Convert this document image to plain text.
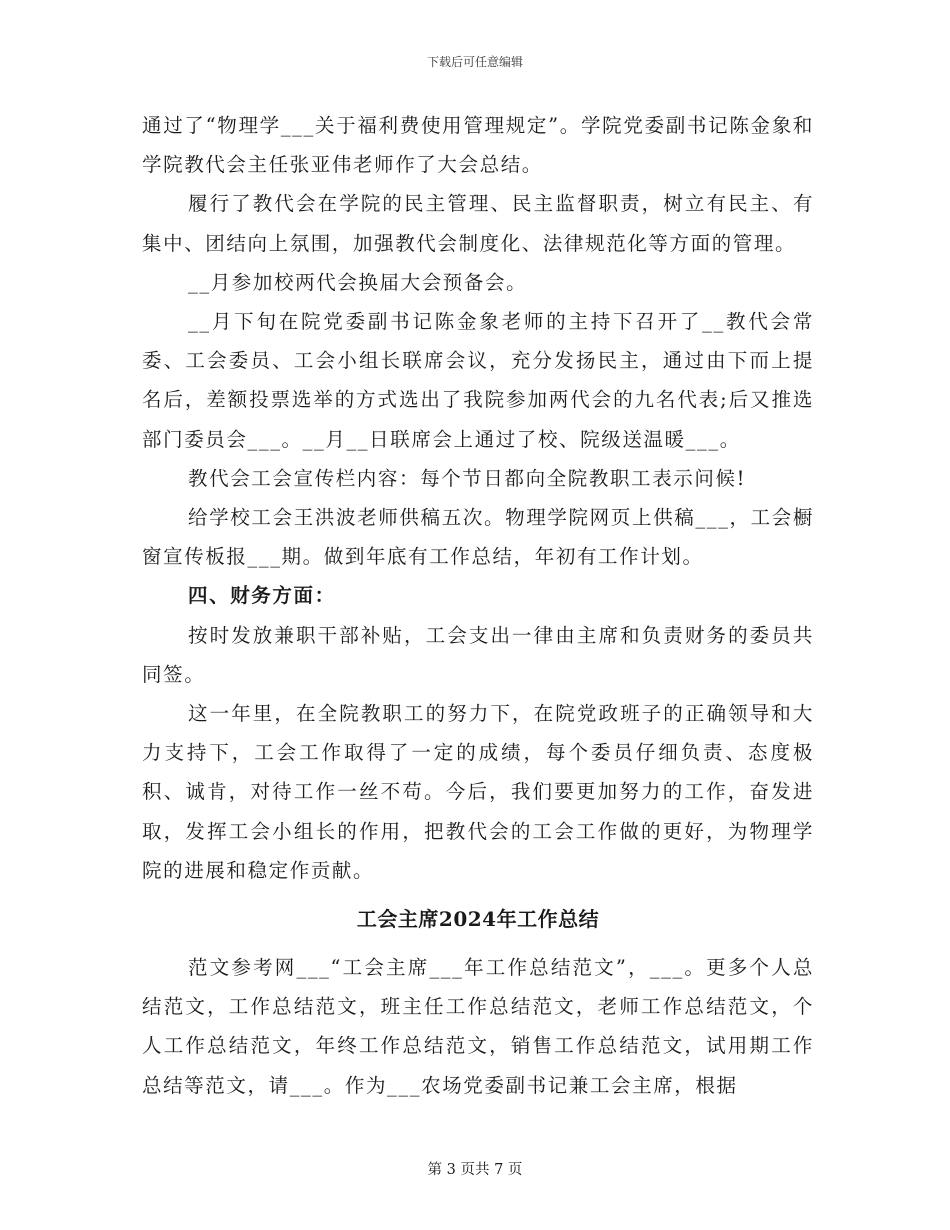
下载后可任意编辑

通过了“物理学___关于福利费使用管理规定”。学院党委副书记陈金象和学院教代会主任张亚伟老师作了大会总结。

履行了教代会在学院的民主管理、民主监督职责，树立有民主、有集中、团结向上氛围，加强教代会制度化、法律规范化等方面的管理。

__月参加校两代会换届大会预备会。

__月下旬在院党委副书记陈金象老师的主持下召开了__教代会常委、工会委员、工会小组长联席会议，充分发扬民主，通过由下而上提名后，差额投票选举的方式选出了我院参加两代会的九名代表;后又推选部门委员会___。__月__日联席会上通过了校、院级送温暖___。

教代会工会宣传栏内容：每个节日都向全院教职工表示问候!

给学校工会王洪波老师供稿五次。物理学院网页上供稿___，工会橱窗宣传板报___期。做到年底有工作总结，年初有工作计划。

四、财务方面：

按时发放兼职干部补贴，工会支出一律由主席和负责财务的委员共同签。

这一年里，在全院教职工的努力下，在院党政班子的正确领导和大力支持下，工会工作取得了一定的成绩，每个委员仔细负责、态度极积、诚肯，对待工作一丝不苟。今后，我们要更加努力的工作，奋发进取，发挥工会小组长的作用，把教代会的工会工作做的更好，为物理学院的进展和稳定作贡献。

工会主席2024年工作总结

范文参考网___“工会主席___年工作总结范文”，___。更多个人总结范文，工作总结范文，班主任工作总结范文，老师工作总结范文，个人工作总结范文，年终工作总结范文，销售工作总结范文，试用期工作总结等范文，请___。作为___农场党委副书记兼工会主席，根据

第 3 页共 7 页
